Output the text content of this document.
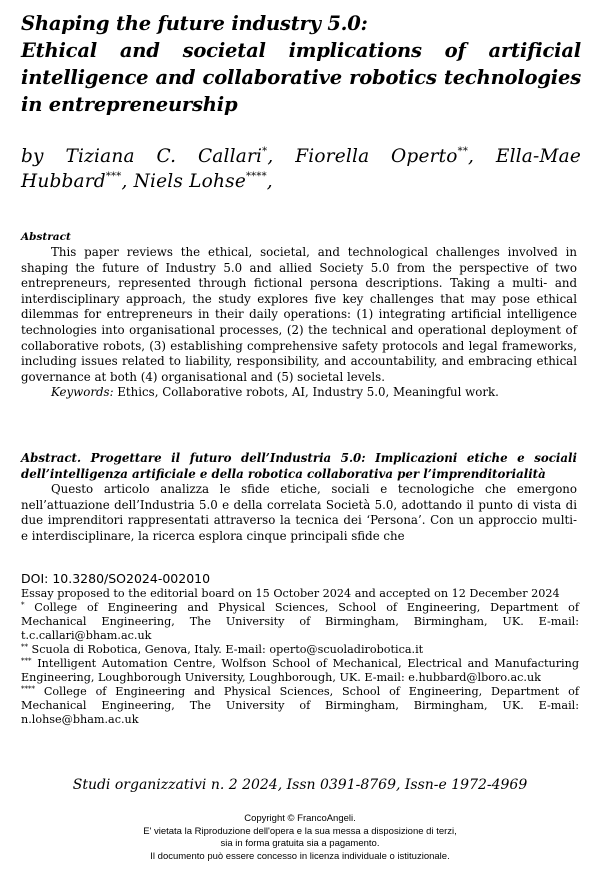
Shaping the future industry 5.0:
Ethical and societal implications of artificial
intelligence and collaborative robotics technologies
in entrepreneurship
by Tiziana C. Callari*, Fiorella Operto**, Ella-Mae
Hubbard***, Niels Lohse****,
Abstract

This paper reviews the ethical, societal, and technological challenges involved in shaping the future of Industry 5.0 and allied Society 5.0 from the perspective of two entrepreneurs, represented through fictional persona descriptions. Taking a multi- and interdisciplinary approach, the study explores five key challenges that may pose ethical dilemmas for entrepreneurs in their daily operations: (1) integrating artificial intelligence technologies into organisational processes, (2) the technical and operational deployment of collaborative robots, (3) establishing comprehensive safety protocols and legal frameworks, including issues related to liability, responsibility, and accountability, and embracing ethical governance at both (4) organisational and (5) societal levels.

Keywords: Ethics, Collaborative robots, AI, Industry 5.0, Meaningful work.

Abstract. Progettare il futuro dell’Industria 5.0: Implicazioni etiche e sociali dell’intelligenza artificiale e della robotica collaborativa per l’imprenditorialità
Questo articolo analizza le sfide etiche, sociali e tecnologiche che emergono nell’attuazione dell’Industria 5.0 e della correlata Società 5.0, adottando il punto di vista di due imprenditori rappresentati attraverso la tecnica dei ‘Persona’. Con un approccio multi- e interdisciplinare, la ricerca esplora cinque principali sfide che
DOI: 10.3280/SO2024-002010

Essay proposed to the editorial board on 15 October 2024 and accepted on 12 December 2024

* College of Engineering and Physical Sciences, School of Engineering, Department of Mechanical Engineering, The University of Birmingham, Birmingham, UK. E-mail: t.c.callari@bham.ac.uk

** Scuola di Robotica, Genova, Italy. E-mail: operto@scuoladirobotica.it

*** Intelligent Automation Centre, Wolfson School of Mechanical, Electrical and Manufacturing Engineering, Loughborough University, Loughborough, UK. E-mail: e.hubbard@lboro.ac.uk

**** College of Engineering and Physical Sciences, School of Engineering, Department of Mechanical Engineering, The University of Birmingham, Birmingham, UK. E-mail: n.lohse@bham.ac.uk

Studi organizzativi n. 2 2024, Issn 0391-8769, Issn-e 1972-4969
Copyright © FrancoAngeli.
E' vietata la Riproduzione dell'opera e la sua messa a disposizione di terzi,
sia in forma gratuita sia a pagamento.
Il documento può essere concesso in licenza individuale o istituzionale.
